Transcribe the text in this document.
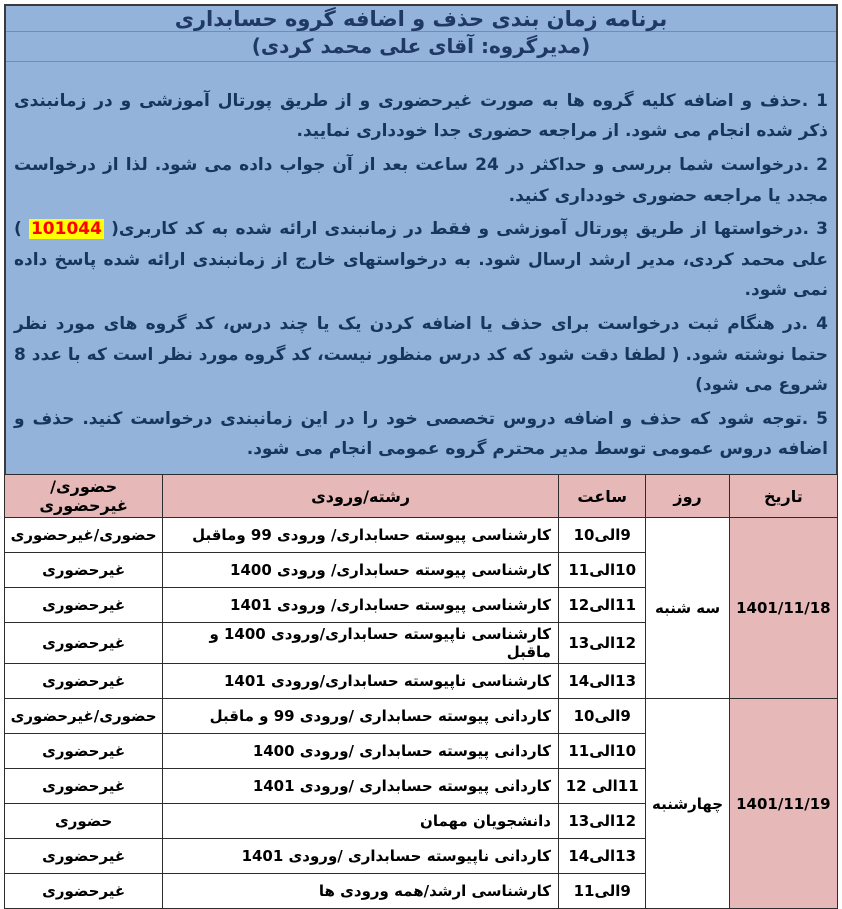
برنامه زمان بندی حذف و اضافه گروه حسابداری
(مدیرگروه: آقای علی محمد کردی)

1 .حذف و اضافه کلیه گروه ها به صورت غیرحضوری و از طریق پورتال آموزشی و در زمانبندی ذکر شده انجام می شود. از مراجعه حضوری جدا خودداری نمایید.

2 .درخواست شما بررسی و حداکثر در 24 ساعت بعد از آن جواب داده می شود. لذا از درخواست مجدد یا مراجعه حضوری خودداری کنید.

3 .درخواستها از طریق پورتال آموزشی و فقط در زمانبندی ارائه شده به کد کاربری( 101044 ) علی محمد کردی، مدیر ارشد ارسال شود. به درخواستهای خارج از زمانبندی ارائه شده پاسخ داده نمی شود.

4 .در هنگام ثبت درخواست برای حذف یا اضافه کردن یک یا چند درس، کد گروه های مورد نظر حتما نوشته شود. ( لطفا دقت شود که کد درس منظور نیست، کد گروه مورد نظر است که با عدد 8 شروع می شود)

5 .توجه شود که حذف و اضافه دروس تخصصی خود را در این زمانبندی درخواست کنید. حذف و اضافه دروس عمومی توسط مدیر محترم گروه عمومی انجام می شود.

تاریخ	روز	ساعت	رشته/ورودی	حضوری/غیرحضوری
1401/11/18	سه شنبه	9الی10	کارشناسی پیوسته حسابداری/ ورودی 99 وماقبل	حضوری/غیرحضوری
		10الی11	کارشناسی پیوسته حسابداری/ ورودی 1400	غیرحضوری
		11الی12	کارشناسی پیوسته حسابداری/ ورودی 1401	غیرحضوری
		12الی13	کارشناسی ناپیوسته حسابداری/ورودی 1400 و ماقبل	غیرحضوری
		13الی14	کارشناسی ناپیوسته حسابداری/ورودی 1401	غیرحضوری
1401/11/19	چهارشنبه	9الی10	کاردانی پیوسته حسابداری /ورودی 99 و ماقبل	حضوری/غیرحضوری
		10الی11	کاردانی پیوسته حسابداری /ورودی 1400	غیرحضوری
		11الی 12	کاردانی پیوسته حسابداری /ورودی 1401	غیرحضوری
		12الی13	دانشجویان مهمان	حضوری
		13الی14	کاردانی ناپیوسته حسابداری /ورودی 1401	غیرحضوری
		9الی11	کارشناسی ارشد/همه ورودی ها	غیرحضوری
